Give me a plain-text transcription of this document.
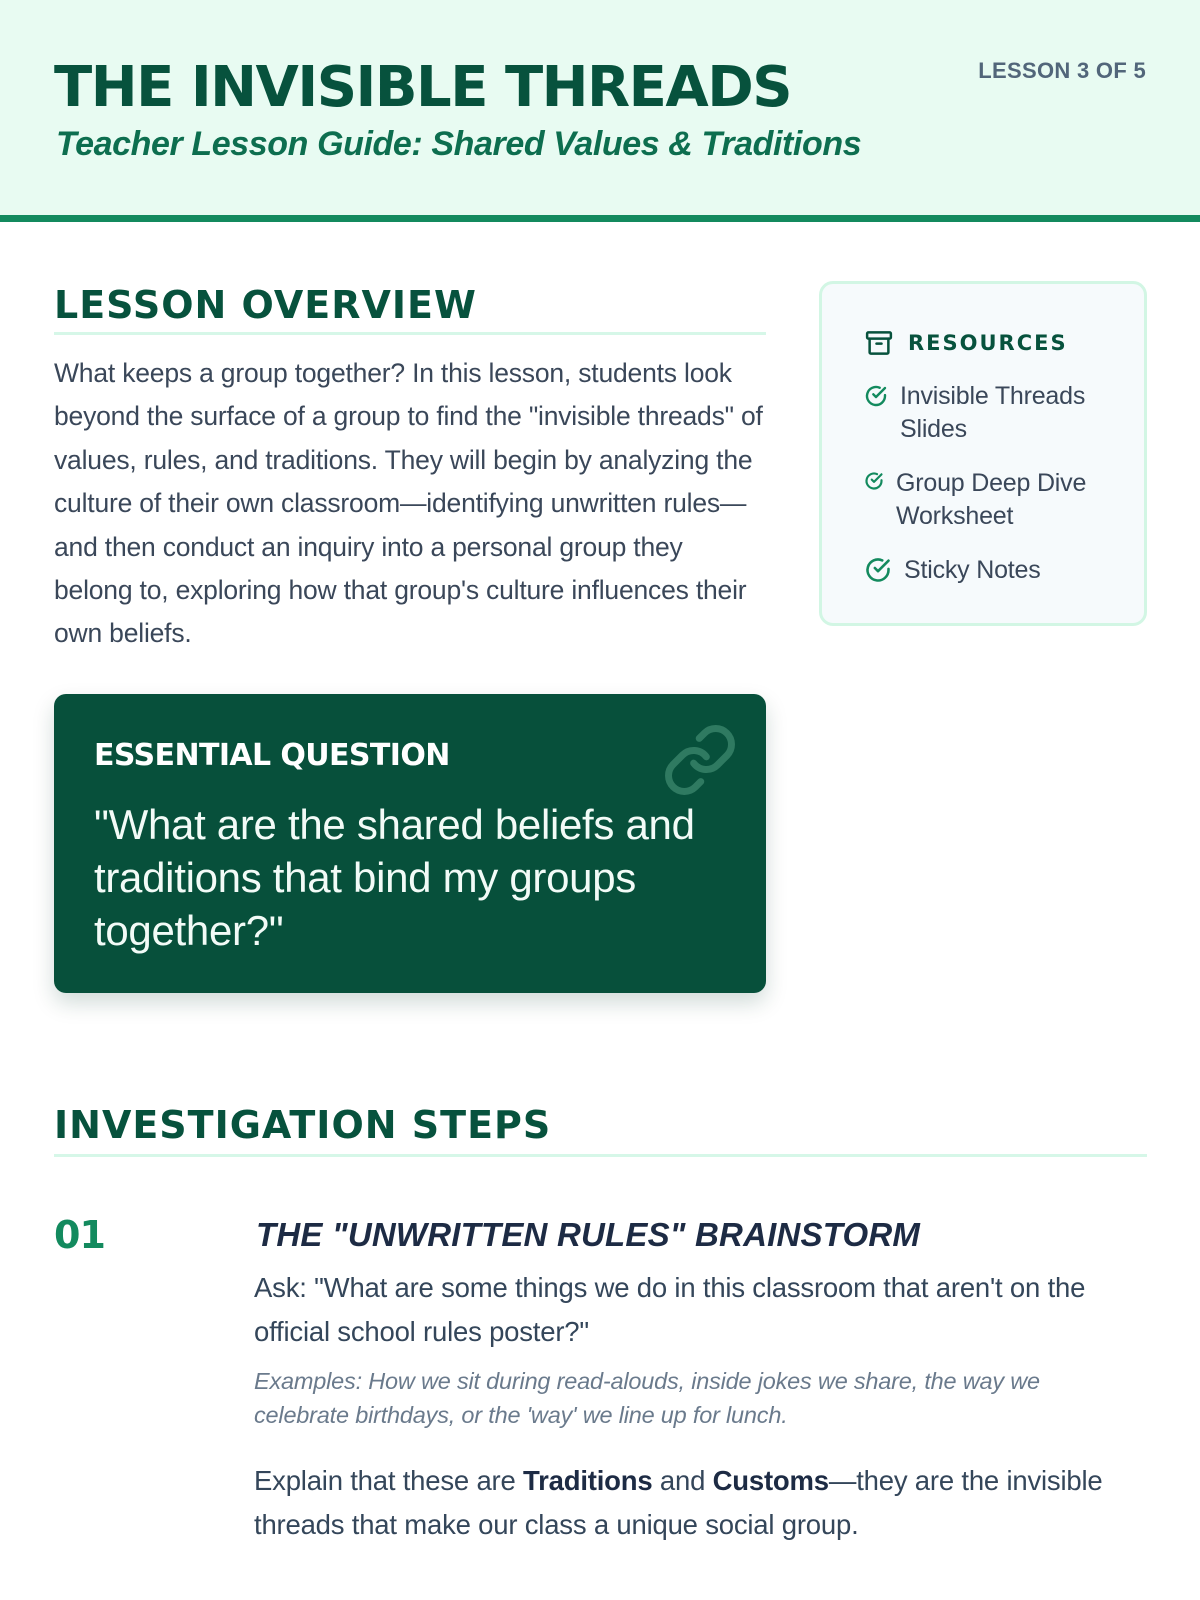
THE INVISIBLE THREADS
Teacher Lesson Guide: Shared Values & Traditions
LESSON 3 OF 5
LESSON OVERVIEW
What keeps a group together? In this lesson, students look beyond the surface of a group to find the "invisible threads" of values, rules, and traditions. They will begin by analyzing the culture of their own classroom—identifying unwritten rules—and then conduct an inquiry into a personal group they belong to, exploring how that group's culture influences their own beliefs.
ESSENTIAL QUESTION
"What are the shared beliefs and traditions that bind my groups together?"
RESOURCES
Invisible Threads Slides
Group Deep Dive Worksheet
Sticky Notes
INVESTIGATION STEPS
01	THE "UNWRITTEN RULES" BRAINSTORM
Ask: "What are some things we do in this classroom that aren't on the official school rules poster?"
Examples: How we sit during read-alouds, inside jokes we share, the way we celebrate birthdays, or the 'way' we line up for lunch.
Explain that these are Traditions and Customs—they are the invisible threads that make our class a unique social group.
